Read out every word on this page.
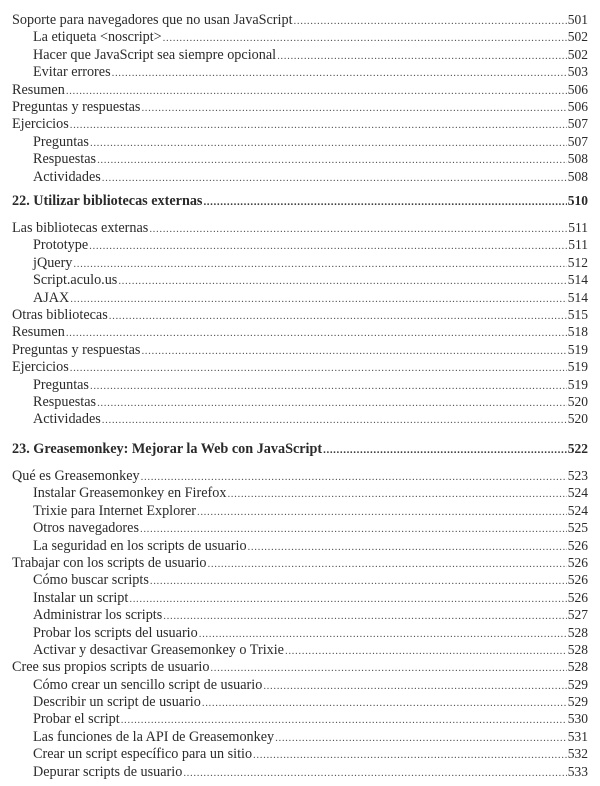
Soporte para navegadores que no usan JavaScript .....	501
La etiqueta <noscript> .....	502
Hacer que JavaScript sea siempre opcional .....	502
Evitar errores .....	503
Resumen .....	506
Preguntas y respuestas .....	506
Ejercicios .....	507
Preguntas .....	507
Respuestas .....	508
Actividades .....	508
22. Utilizar bibliotecas externas .....	510
Las bibliotecas externas .....	511
Prototype .....	511
jQuery .....	512
Script.aculo.us .....	514
AJAX .....	514
Otras bibliotecas .....	515
Resumen .....	518
Preguntas y respuestas .....	519
Ejercicios .....	519
Preguntas .....	519
Respuestas .....	520
Actividades .....	520
23. Greasemonkey: Mejorar la Web con JavaScript .....	522
Qué es Greasemonkey .....	523
Instalar Greasemonkey en Firefox .....	524
Trixie para Internet Explorer .....	524
Otros navegadores .....	525
La seguridad en los scripts de usuario .....	526
Trabajar con los scripts de usuario .....	526
Cómo buscar scripts .....	526
Instalar un script .....	526
Administrar los scripts .....	527
Probar los scripts del usuario .....	528
Activar y desactivar Greasemonkey o Trixie .....	528
Cree sus propios scripts de usuario .....	528
Cómo crear un sencillo script de usuario .....	529
Describir un script de usuario .....	529
Probar el script .....	530
Las funciones de la API de Greasemonkey .....	531
Crear un script específico para un sitio .....	532
Depurar scripts de usuario .....	533
